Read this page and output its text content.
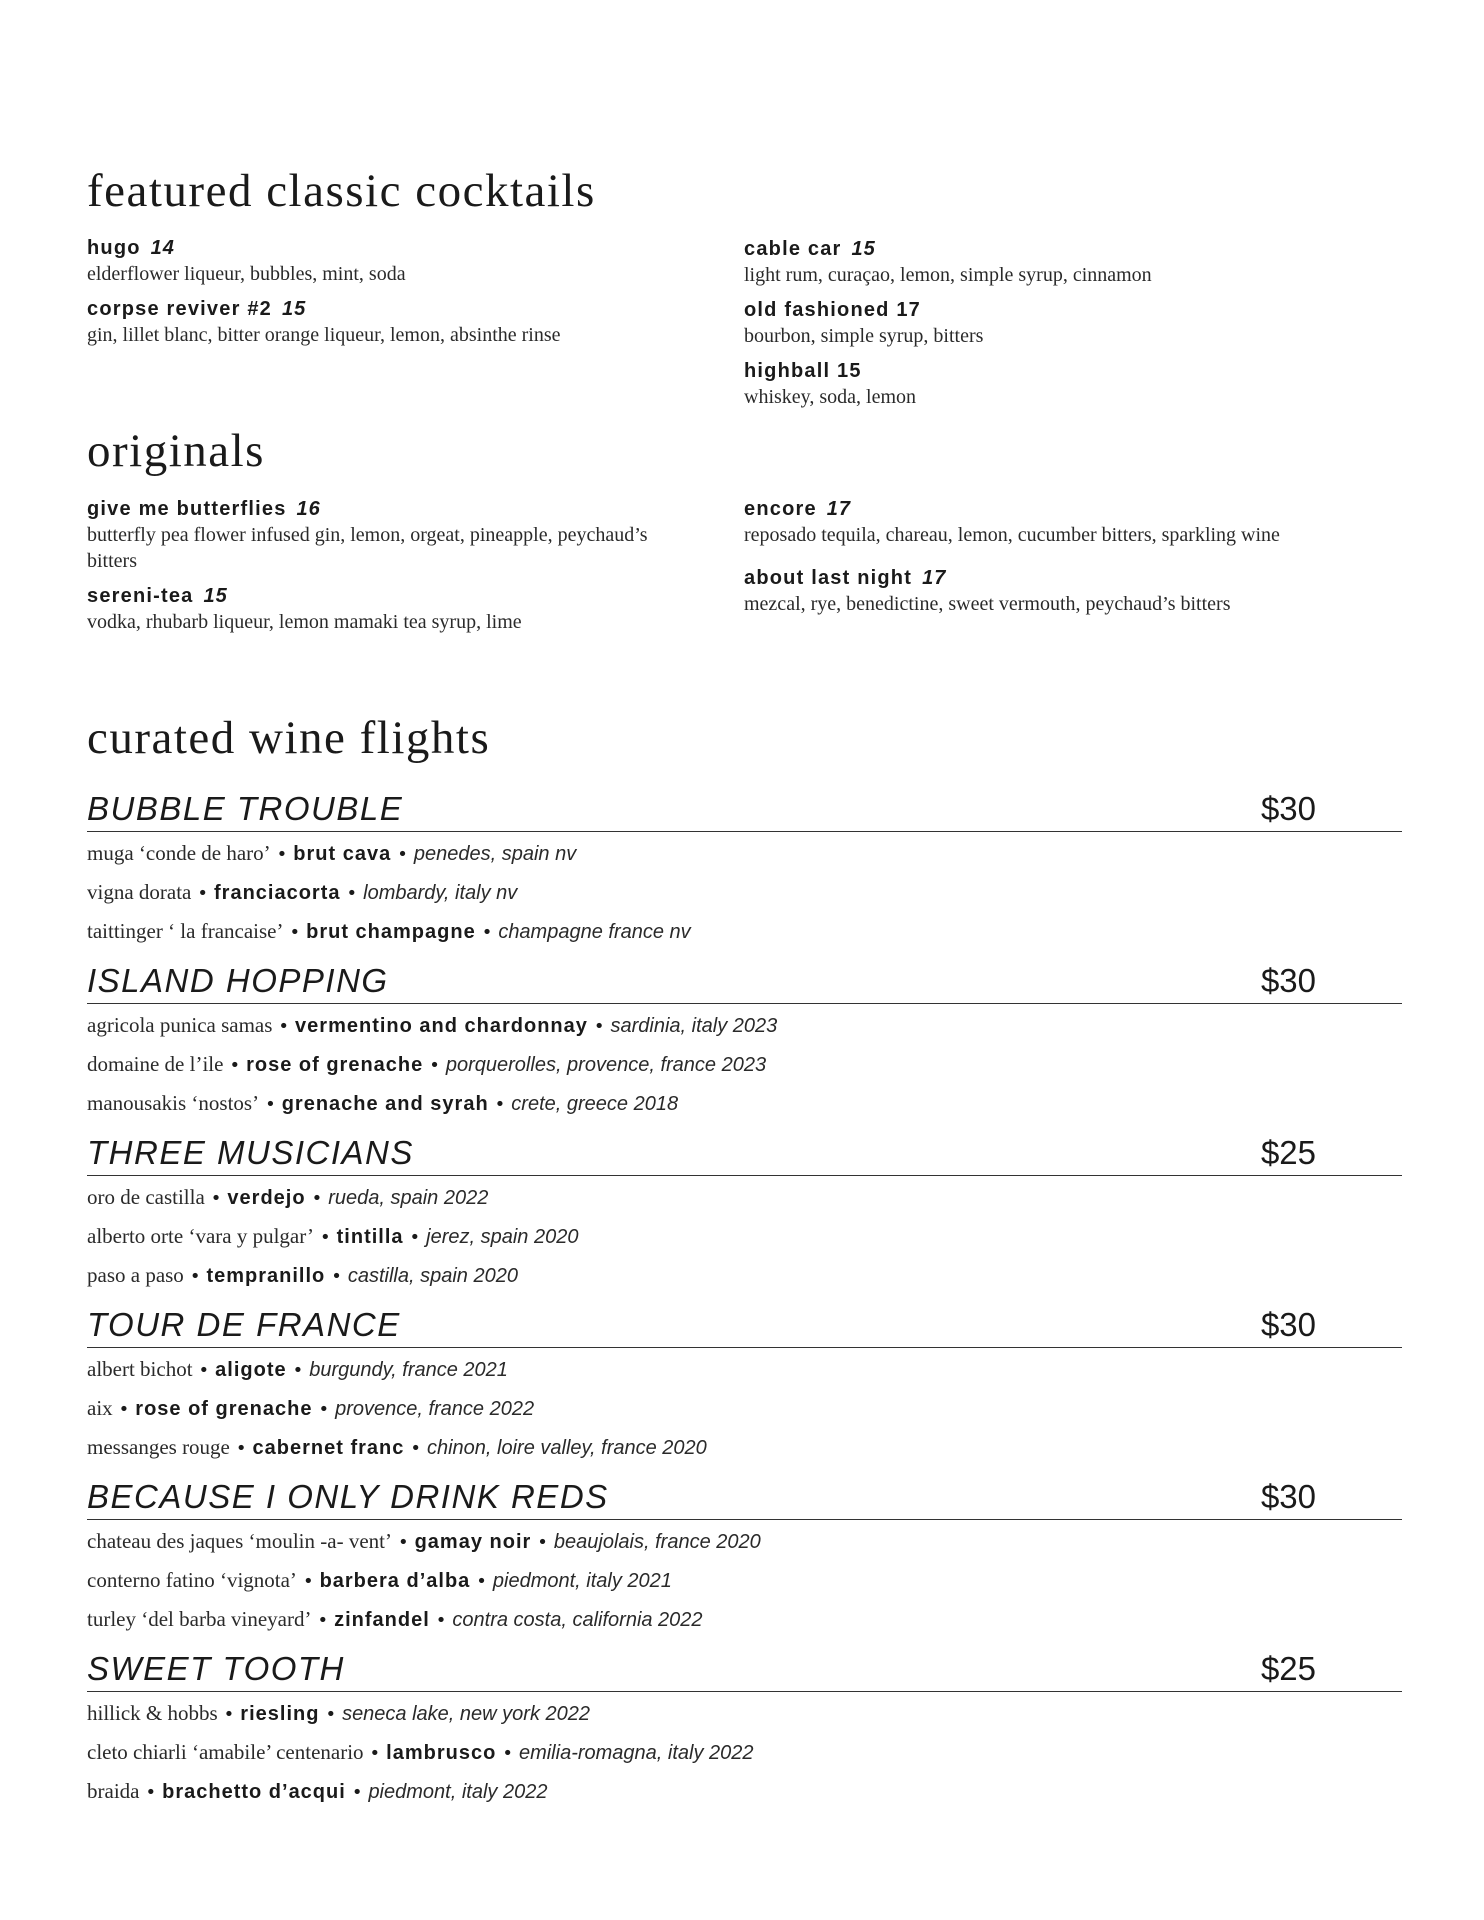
featured classic cocktails
hugo 14
elderflower liqueur, bubbles, mint, soda
corpse reviver #2 15
gin, lillet blanc, bitter orange liqueur, lemon, absinthe rinse
cable car 15
light rum, curaçao, lemon, simple syrup, cinnamon
old fashioned 17
bourbon, simple syrup, bitters
highball 15
whiskey, soda, lemon
originals
give me butterflies 16
butterfly pea flower infused gin, lemon, orgeat, pineapple, peychaud’s bitters
sereni-tea 15
vodka, rhubarb liqueur, lemon mamaki tea syrup, lime
encore 17
reposado tequila, chareau, lemon, cucumber bitters, sparkling wine
about last night 17
mezcal, rye, benedictine, sweet vermouth, peychaud’s bitters
curated wine flights
BUBBLE TROUBLE	$30
muga ‘conde de haro’ • brut cava • penedes, spain nv
vigna dorata • franciacorta • lombardy, italy nv
taittinger ‘ la francaise’ • brut champagne • champagne france nv
ISLAND HOPPING	$30
agricola punica samas • vermentino and chardonnay • sardinia, italy 2023
domaine de l’ile • rose of grenache • porquerolles, provence, france 2023
manousakis ‘nostos’ • grenache and syrah • crete, greece 2018
THREE MUSICIANS	$25
oro de castilla • verdejo • rueda, spain 2022
alberto orte ‘vara y pulgar’ • tintilla • jerez, spain 2020
paso a paso • tempranillo • castilla, spain 2020
TOUR DE FRANCE	$30
albert bichot • aligote • burgundy, france 2021
aix • rose of grenache • provence, france 2022
messanges rouge • cabernet franc • chinon, loire valley, france 2020
BECAUSE I ONLY DRINK REDS	$30
chateau des jaques ‘moulin -a- vent’ • gamay noir • beaujolais, france 2020
conterno fatino ‘vignota’ • barbera d’alba • piedmont, italy 2021
turley ‘del barba vineyard’ • zinfandel • contra costa, california 2022
SWEET TOOTH	$25
hillick & hobbs • riesling • seneca lake, new york 2022
cleto chiarli ‘amabile’ centenario • lambrusco • emilia-romagna, italy 2022
braida • brachetto d’acqui • piedmont, italy 2022
